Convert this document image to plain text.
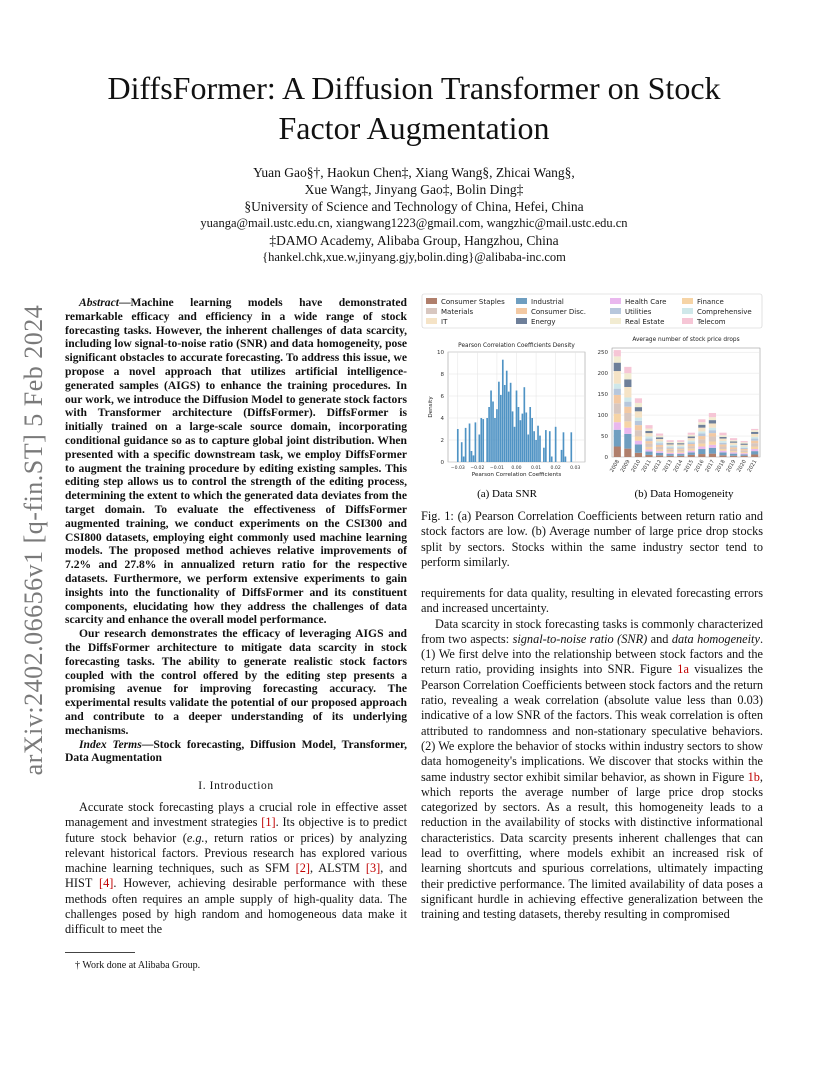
arXiv:2402.06656v1 [q-fin.ST] 5 Feb 2024
DiffsFormer: A Diffusion Transformer on Stock
Factor Augmentation
Yuan Gao§†, Haokun Chen‡, Xiang Wang§, Zhicai Wang§,
Xue Wang‡, Jinyang Gao‡, Bolin Ding‡
§University of Science and Technology of China, Hefei, China
yuanga@mail.ustc.edu.cn, xiangwang1223@gmail.com, wangzhic@mail.ustc.edu.cn
‡DAMO Academy, Alibaba Group, Hangzhou, China
{hankel.chk,xue.w,jinyang.gjy,bolin.ding}@alibaba-inc.com

Abstract—Machine learning models have demonstrated remarkable efficacy and efficiency in a wide range of stock forecasting tasks. However, the inherent challenges of data scarcity, including low signal-to-noise ratio (SNR) and data homogeneity, pose significant obstacles to accurate forecasting. To address this issue, we propose a novel approach that utilizes artificial intelligence-generated samples (AIGS) to enhance the training procedures. In our work, we introduce the Diffusion Model to generate stock factors with Transformer architecture (DiffsFormer). DiffsFormer is initially trained on a large-scale source domain, incorporating conditional guidance so as to capture global joint distribution. When presented with a specific downstream task, we employ DiffsFormer to augment the training procedure by editing existing samples. This editing step allows us to control the strength of the editing process, determining the extent to which the generated data deviates from the target domain. To evaluate the effectiveness of DiffsFormer augmented training, we conduct experiments on the CSI300 and CSI800 datasets, employing eight commonly used machine learning models. The proposed method achieves relative improvements of 7.2% and 27.8% in annualized return ratio for the respective datasets. Furthermore, we perform extensive experiments to gain insights into the functionality of DiffsFormer and its constituent components, elucidating how they address the challenges of data scarcity and enhance the overall model performance.

Our research demonstrates the efficacy of leveraging AIGS and the DiffsFormer architecture to mitigate data scarcity in stock forecasting tasks. The ability to generate realistic stock factors coupled with the control offered by the editing step presents a promising avenue for improving forecasting accuracy. The experimental results validate the potential of our proposed approach and contribute to a deeper understanding of its underlying mechanisms.

Index Terms—Stock forecasting, Diffusion Model, Transformer, Data Augmentation

I. Introduction

Accurate stock forecasting plays a crucial role in effective asset management and investment strategies [1]. Its objective is to predict future stock behavior (e.g., return ratios or prices) by analyzing relevant historical factors. Previous research has explored various machine learning techniques, such as SFM [2], ALSTM [3], and HIST [4]. However, achieving desirable performance with these methods often requires an ample supply of high-quality data. The challenges posed by high random and homogeneous data make it difficult to meet the

† Work done at Alibaba Group.
Consumer Staples	Industrial	Health Care	Finance
Materials	Consumer Disc.	Utilities	Comprehensive
IT	Energy	Real Estate	Telecom
0
2
4
6
8
10
−0.03 −0.02 −0.01 0.00 0.01 0.02 0.03
Pearson Correlation Coefficients Density
Pearson Correlation Coefficients
Density
0
50
100
150
200
250
2008
2009
2010
2011
2012
2013
2014
2015
2016
2017
2018
2019
2020
2021
Average number of stock price drops
(a) Data SNR	(b) Data Homogeneity
Fig. 1: (a) Pearson Correlation Coefficients between return ratio and stock factors are low. (b) Average number of large price drop stocks split by sectors. Stocks within the same industry sector tend to perform similarly.

requirements for data quality, resulting in elevated forecasting errors and increased uncertainty.

Data scarcity in stock forecasting tasks is commonly characterized from two aspects: signal-to-noise ratio (SNR) and data homogeneity. (1) We first delve into the relationship between stock factors and the return ratio, providing insights into SNR. Figure 1a visualizes the Pearson Correlation Coefficients between stock factors and the return ratio, revealing a weak correlation (absolute value less than 0.03) indicative of a low SNR of the factors. This weak correlation is often attributed to randomness and non-stationary speculative behaviors. (2) We explore the behavior of stocks within industry sectors to show data homogeneity's implications. We discover that stocks within the same industry sector exhibit similar behavior, as shown in Figure 1b, which reports the average number of large price drop stocks categorized by sectors. As a result, this homogeneity leads to a reduction in the availability of stocks with distinctive informational characteristics. Data scarcity presents inherent challenges that can lead to overfitting, where models exhibit an increased risk of learning shortcuts and spurious correlations, ultimately impacting their predictive performance. The limited availability of data poses a significant hurdle in achieving effective generalization between the training and testing datasets, thereby resulting in compromised
